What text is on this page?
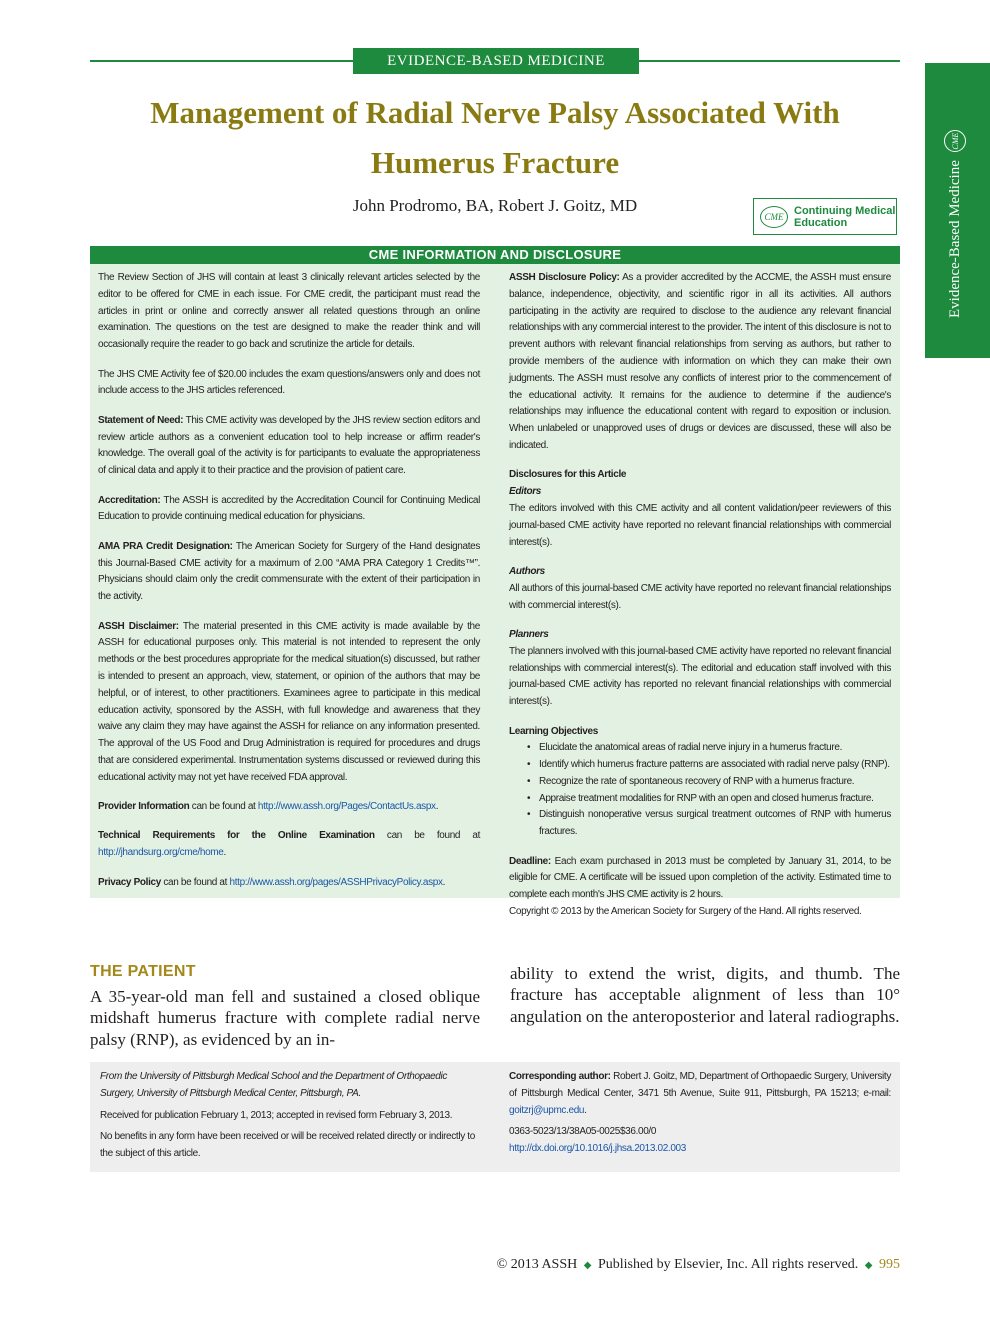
EVIDENCE-BASED MEDICINE
Evidence-Based Medicine
CME
Management of Radial Nerve Palsy Associated With Humerus Fracture
John Prodromo, BA, Robert J. Goitz, MD
CME Continuing Medical
Education
CME INFORMATION AND DISCLOSURE

The Review Section of JHS will contain at least 3 clinically relevant articles selected by the editor to be offered for CME in each issue. For CME credit, the participant must read the articles in print or online and correctly answer all related questions through an online examination. The questions on the test are designed to make the reader think and will occasionally require the reader to go back and scrutinize the article for details.

The JHS CME Activity fee of $20.00 includes the exam questions/answers only and does not include access to the JHS articles referenced.

Statement of Need: This CME activity was developed by the JHS review section editors and review article authors as a convenient education tool to help increase or affirm reader's knowledge. The overall goal of the activity is for participants to evaluate the appropriateness of clinical data and apply it to their practice and the provision of patient care.

Accreditation: The ASSH is accredited by the Accreditation Council for Continuing Medical Education to provide continuing medical education for physicians.

AMA PRA Credit Designation: The American Society for Surgery of the Hand designates this Journal-Based CME activity for a maximum of 2.00 “AMA PRA Category 1 Credits™”. Physicians should claim only the credit commensurate with the extent of their participation in the activity.

ASSH Disclaimer: The material presented in this CME activity is made available by the ASSH for educational purposes only. This material is not intended to represent the only methods or the best procedures appropriate for the medical situation(s) discussed, but rather is intended to present an approach, view, statement, or opinion of the authors that may be helpful, or of interest, to other practitioners. Examinees agree to participate in this medical education activity, sponsored by the ASSH, with full knowledge and awareness that they waive any claim they may have against the ASSH for reliance on any information presented. The approval of the US Food and Drug Administration is required for procedures and drugs that are considered experimental. Instrumentation systems discussed or reviewed during this educational activity may not yet have received FDA approval.

Provider Information can be found at http://www.assh.org/Pages/ContactUs.aspx.

Technical Requirements for the Online Examination can be found at http://jhandsurg.org/cme/home.

Privacy Policy can be found at http://www.assh.org/pages/ASSHPrivacyPolicy.aspx.

ASSH Disclosure Policy: As a provider accredited by the ACCME, the ASSH must ensure balance, independence, objectivity, and scientific rigor in all its activities. All authors participating in the activity are required to disclose to the audience any relevant financial relationships with any commercial interest to the provider. The intent of this disclosure is not to prevent authors with relevant financial relationships from serving as authors, but rather to provide members of the audience with information on which they can make their own judgments. The ASSH must resolve any conflicts of interest prior to the commencement of the educational activity. It remains for the audience to determine if the audience's relationships may influence the educational content with regard to exposition or inclusion. When unlabeled or unapproved uses of drugs or devices are discussed, these will also be indicated.

Disclosures for this Article
Editors
The editors involved with this CME activity and all content validation/peer reviewers of this journal-based CME activity have reported no relevant financial relationships with commercial interest(s).

Authors
All authors of this journal-based CME activity have reported no relevant financial relationships with commercial interest(s).

Planners
The planners involved with this journal-based CME activity have reported no relevant financial relationships with commercial interest(s). The editorial and education staff involved with this journal-based CME activity has reported no relevant financial relationships with commercial interest(s).

Learning Objectives

• Elucidate the anatomical areas of radial nerve injury in a humerus fracture.
• Identify which humerus fracture patterns are associated with radial nerve palsy (RNP).
• Recognize the rate of spontaneous recovery of RNP with a humerus fracture.
• Appraise treatment modalities for RNP with an open and closed humerus fracture.
• Distinguish nonoperative versus surgical treatment outcomes of RNP with humerus fractures.

Deadline: Each exam purchased in 2013 must be completed by January 31, 2014, to be eligible for CME. A certificate will be issued upon completion of the activity. Estimated time to complete each month's JHS CME activity is 2 hours.

Copyright © 2013 by the American Society for Surgery of the Hand. All rights reserved.

THE PATIENT

A 35-year-old man fell and sustained a closed oblique midshaft humerus fracture with complete radial nerve palsy (RNP), as evidenced by an in-

ability to extend the wrist, digits, and thumb. The fracture has acceptable alignment of less than 10° angulation on the anteroposterior and lateral radiographs.

From the University of Pittsburgh Medical School and the Department of Orthopaedic Surgery, University of Pittsburgh Medical Center, Pittsburgh, PA.

Received for publication February 1, 2013; accepted in revised form February 3, 2013.

No benefits in any form have been received or will be received related directly or indirectly to the subject of this article.

Corresponding author: Robert J. Goitz, MD, Department of Orthopaedic Surgery, University of Pittsburgh Medical Center, 3471 5th Avenue, Suite 911, Pittsburgh, PA 15213; e-mail: goitzrj@upmc.edu.

0363-5023/13/38A05-0025$36.00/0

http://dx.doi.org/10.1016/j.jhsa.2013.02.003

© 2013 ASSH ◆ Published by Elsevier, Inc. All rights reserved. ◆ 995
